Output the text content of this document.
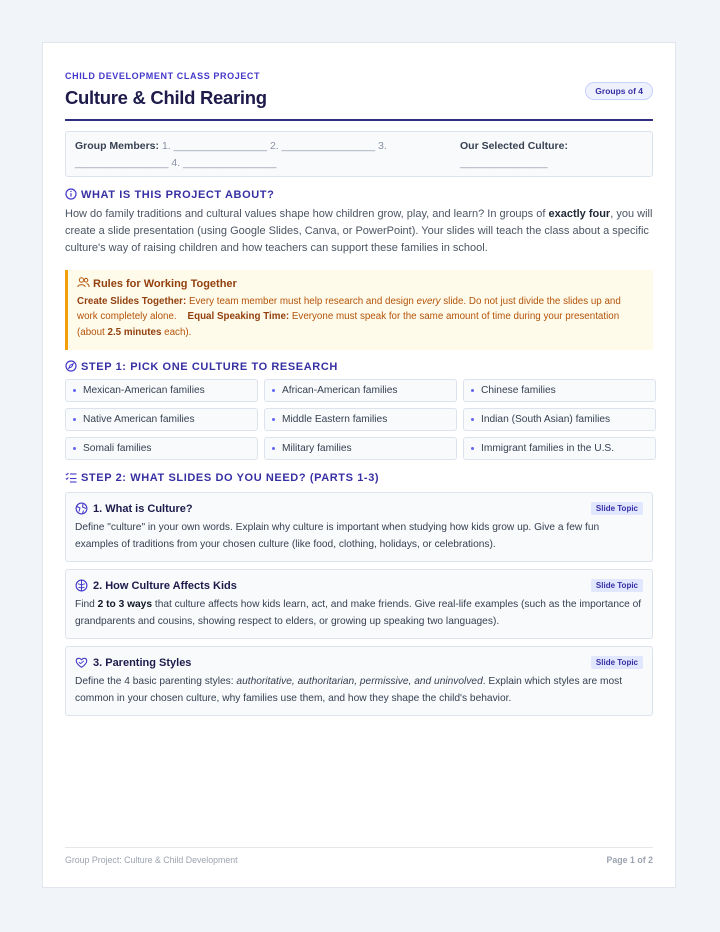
CHILD DEVELOPMENT CLASS PROJECT

Culture & Child Rearing	Groups of 4
Group Members: 1. ________________ 2. ________________ 3. ________________ 4. ________________
Our Selected Culture:
_______________
WHAT IS THIS PROJECT ABOUT?

How do family traditions and cultural values shape how children grow, play, and learn? In groups of exactly four, you will create a slide presentation (using Google Slides, Canva, or PowerPoint). Your slides will teach the class about a specific culture's way of raising children and how teachers can support these families in school.

Rules for Working Together
Create Slides Together: Every team member must help research and design every slide. Do not just divide the slides up and work completely alone. Equal Speaking Time: Everyone must speak for the same amount of time during your presentation (about 2.5 minutes each).
STEP 1: PICK ONE CULTURE TO RESEARCH
Mexican-American families	African-American families	Chinese families
Native American families	Middle Eastern families	Indian (South Asian) families
Somali families	Military families	Immigrant families in the U.S.
STEP 2: WHAT SLIDES DO YOU NEED? (PARTS 1-3)
1. What is Culture?	Slide Topic

Define "culture" in your own words. Explain why culture is important when studying how kids grow up. Give a few fun examples of traditions from your chosen culture (like food, clothing, holidays, or celebrations).

2. How Culture Affects Kids	Slide Topic

Find 2 to 3 ways that culture affects how kids learn, act, and make friends. Give real-life examples (such as the importance of grandparents and cousins, showing respect to elders, or growing up speaking two languages).

3. Parenting Styles	Slide Topic

Define the 4 basic parenting styles: authoritative, authoritarian, permissive, and uninvolved. Explain which styles are most common in your chosen culture, why families use them, and how they shape the child's behavior.

Group Project: Culture & Child Development	Page 1 of 2
